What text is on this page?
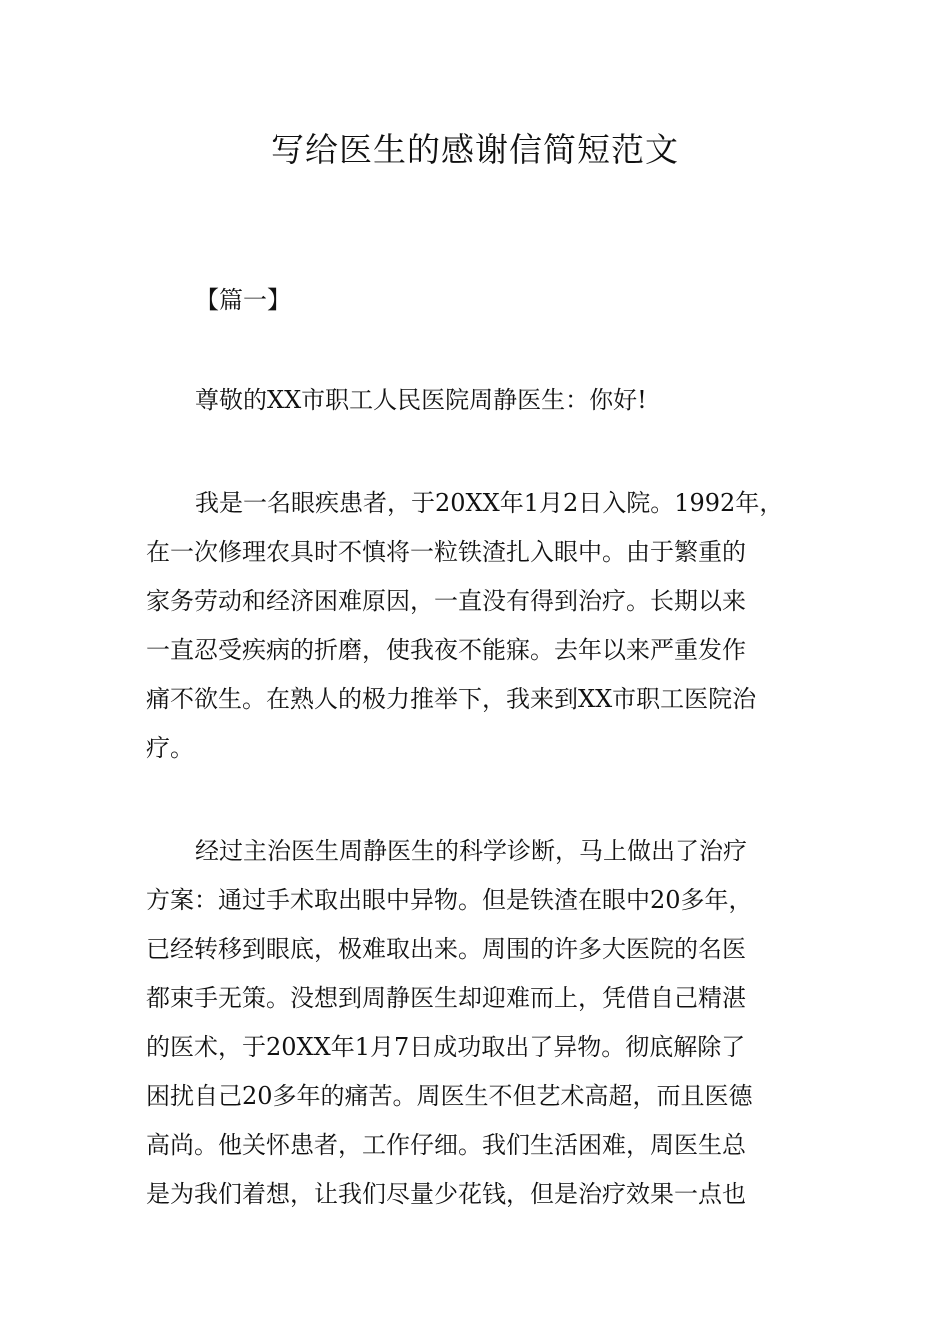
写给医生的感谢信简短范文

【篇一】

尊敬的XX市职工人民医院周静医生：你好!

我是一名眼疾患者，于20XX年1月2日入院。1992年，
在一次修理农具时不慎将一粒铁渣扎入眼中。由于繁重的
家务劳动和经济困难原因，一直没有得到治疗。长期以来
一直忍受疾病的折磨，使我夜不能寐。去年以来严重发作
痛不欲生。在熟人的极力推举下，我来到XX市职工医院治
疗。
经过主治医生周静医生的科学诊断，马上做出了治疗
方案：通过手术取出眼中异物。但是铁渣在眼中20多年，
已经转移到眼底，极难取出来。周围的许多大医院的名医
都束手无策。没想到周静医生却迎难而上，凭借自己精湛
的医术，于20XX年1月7日成功取出了异物。彻底解除了
困扰自己20多年的痛苦。周医生不但艺术高超，而且医德
高尚。他关怀患者，工作仔细。我们生活困难，周医生总
是为我们着想，让我们尽量少花钱，但是治疗效果一点也
